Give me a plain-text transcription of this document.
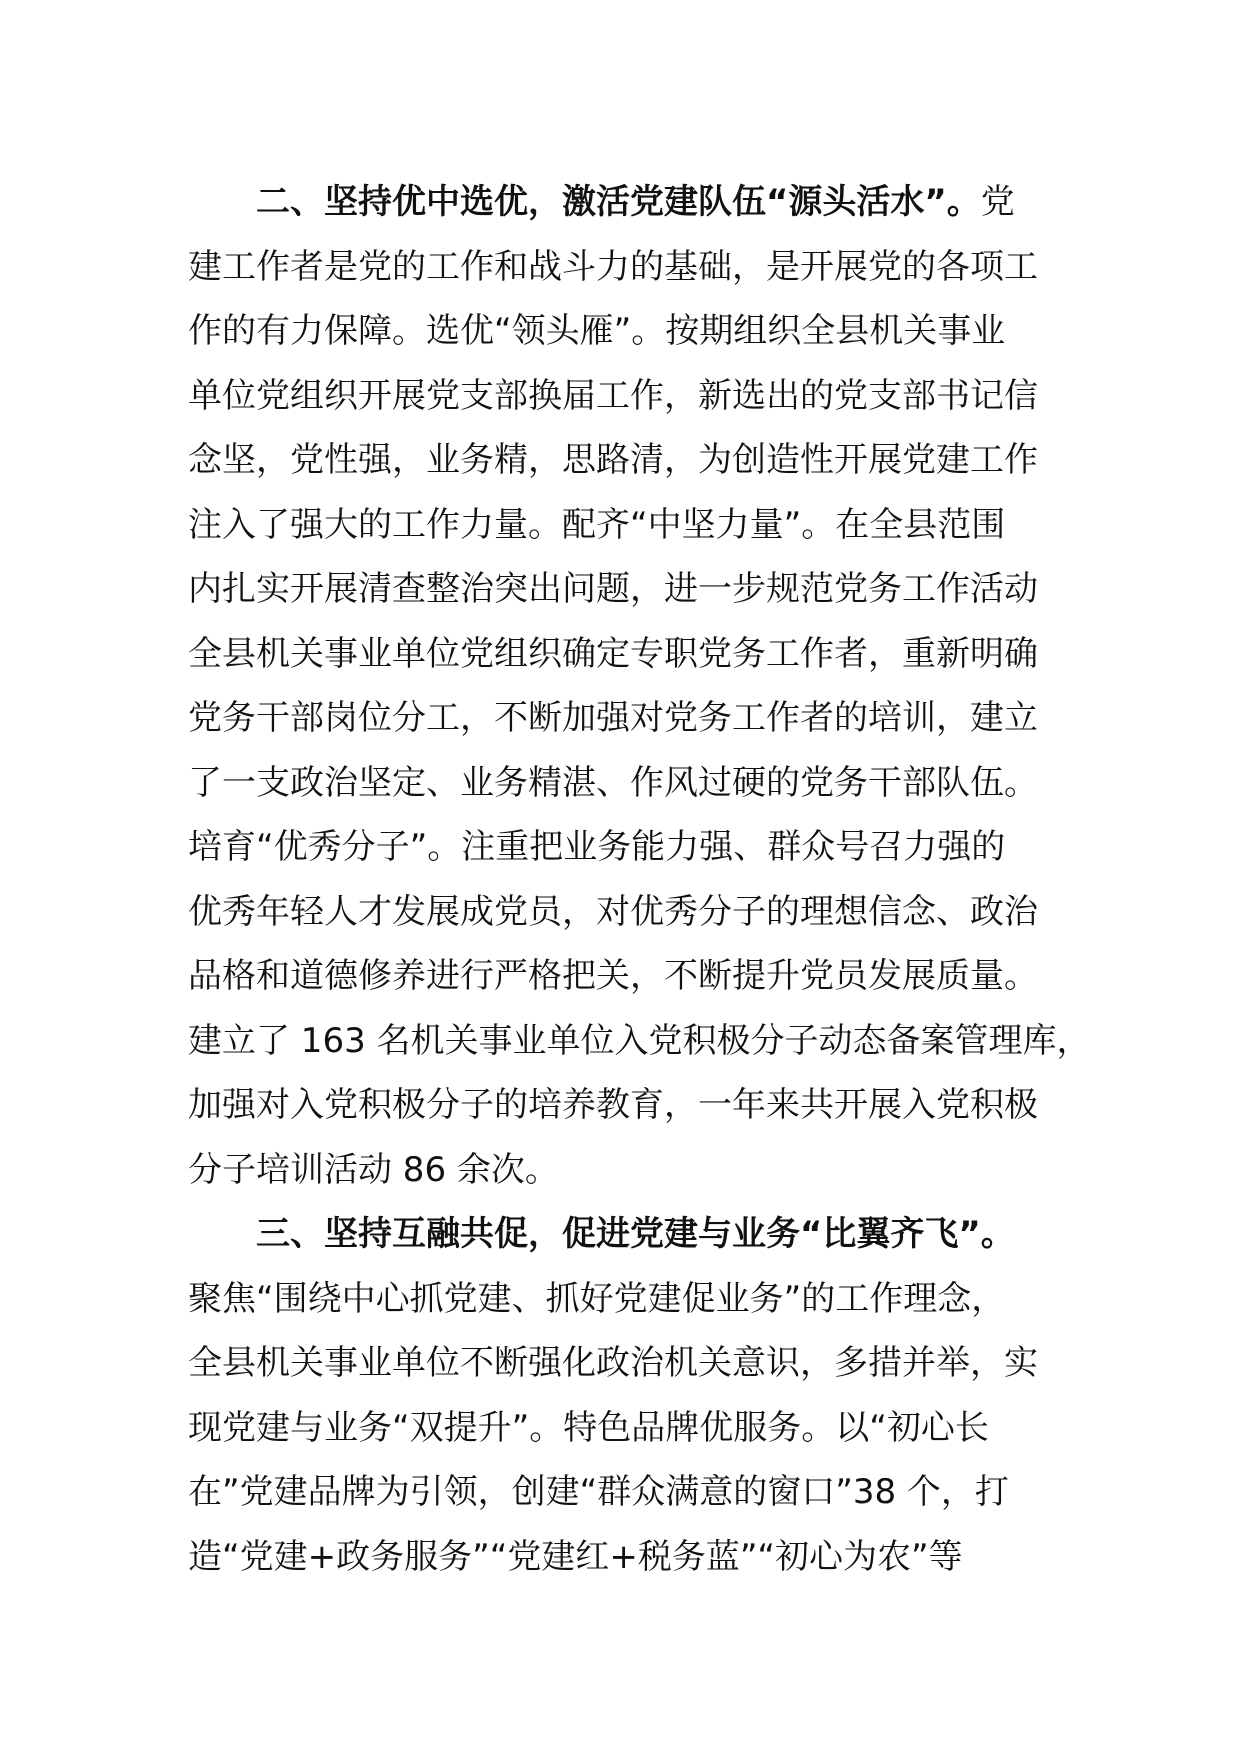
二、坚持优中选优，激活党建队伍“源头活水”。党
建工作者是党的工作和战斗力的基础，是开展党的各项工
作的有力保障。选优“领头雁”。按期组织全县机关事业
单位党组织开展党支部换届工作，新选出的党支部书记信
念坚，党性强，业务精，思路清，为创造性开展党建工作
注入了强大的工作力量。配齐“中坚力量”。在全县范围
内扎实开展清查整治突出问题，进一步规范党务工作活动
全县机关事业单位党组织确定专职党务工作者，重新明确
党务干部岗位分工，不断加强对党务工作者的培训，建立
了一支政治坚定、业务精湛、作风过硬的党务干部队伍。
培育“优秀分子”。注重把业务能力强、群众号召力强的
优秀年轻人才发展成党员，对优秀分子的理想信念、政治
品格和道德修养进行严格把关，不断提升党员发展质量。
建立了 163 名机关事业单位入党积极分子动态备案管理库，
加强对入党积极分子的培养教育，一年来共开展入党积极
分子培训活动 86 余次。
三、坚持互融共促，促进党建与业务“比翼齐飞”。
聚焦“围绕中心抓党建、抓好党建促业务”的工作理念，
全县机关事业单位不断强化政治机关意识，多措并举，实
现党建与业务“双提升”。特色品牌优服务。以“初心长
在”党建品牌为引领，创建“群众满意的窗口”38 个，打
造“党建+政务服务”“党建红+税务蓝”“初心为农”等
